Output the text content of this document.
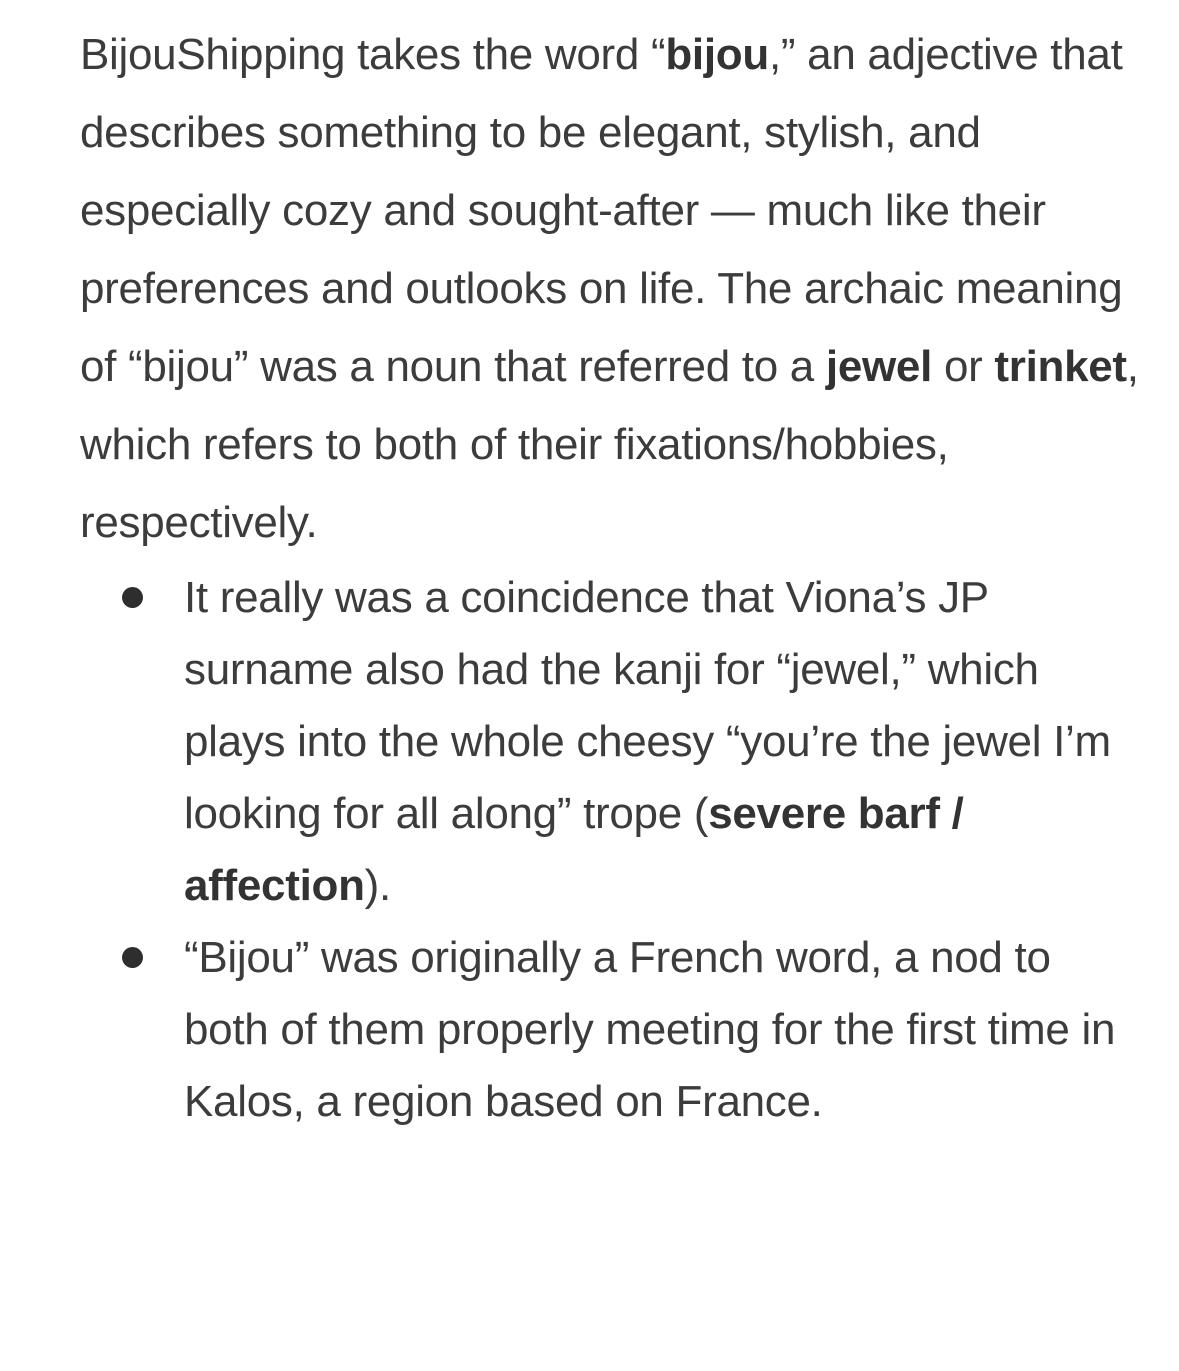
BijouShipping takes the word “bijou,” an adjective that describes something to be elegant, stylish, and especially cozy and sought-after — much like their preferences and outlooks on life. The archaic meaning of “bijou” was a noun that referred to a jewel or trinket, which refers to both of their fixations/hobbies, respectively.

It really was a coincidence that Viona’s JP surname also had the kanji for “jewel,” which plays into the whole cheesy “you’re the jewel I’m looking for all along” trope (severe barf / affection).
“Bijou” was originally a French word, a nod to both of them properly meeting for the first time in Kalos, a region based on France.
